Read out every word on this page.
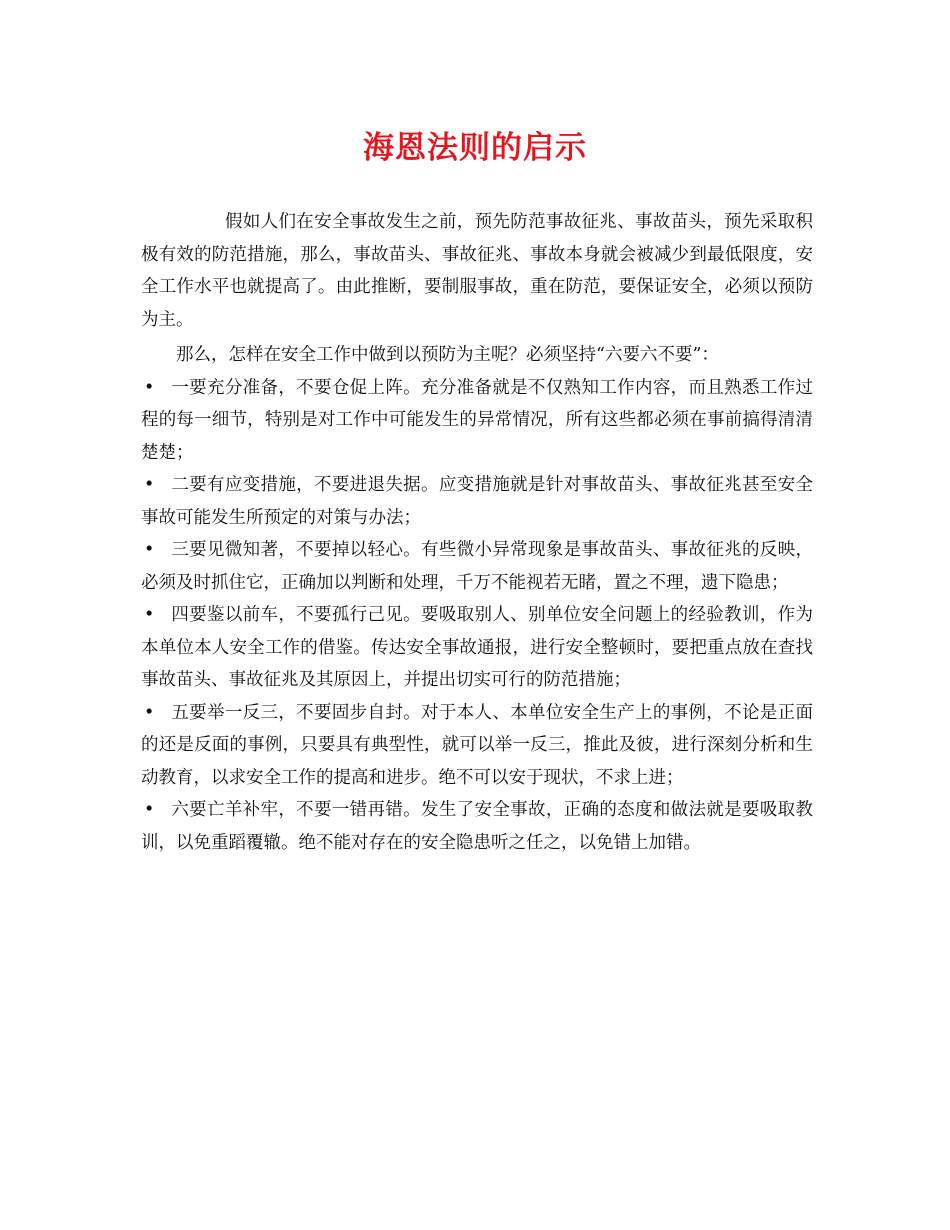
海恩法则的启示

假如人们在安全事故发生之前，预先防范事故征兆、事故苗头，预先采取积极有效的防范措施，那么，事故苗头、事故征兆、事故本身就会被减少到最低限度，安全工作水平也就提高了。由此推断，要制服事故，重在防范，要保证安全，必须以预防为主。

那么，怎样在安全工作中做到以预防为主呢？必须坚持“六要六不要”：

• 一要充分准备，不要仓促上阵。充分准备就是不仅熟知工作内容，而且熟悉工作过程的每一细节，特别是对工作中可能发生的异常情况，所有这些都必须在事前搞得清清楚楚；

• 二要有应变措施，不要进退失据。应变措施就是针对事故苗头、事故征兆甚至安全事故可能发生所预定的对策与办法；

• 三要见微知著，不要掉以轻心。有些微小异常现象是事故苗头、事故征兆的反映，必须及时抓住它，正确加以判断和处理，千万不能视若无睹，置之不理，遗下隐患；

• 四要鉴以前车，不要孤行己见。要吸取别人、别单位安全问题上的经验教训，作为本单位本人安全工作的借鉴。传达安全事故通报，进行安全整顿时，要把重点放在查找事故苗头、事故征兆及其原因上，并提出切实可行的防范措施；

• 五要举一反三，不要固步自封。对于本人、本单位安全生产上的事例，不论是正面的还是反面的事例，只要具有典型性，就可以举一反三，推此及彼，进行深刻分析和生动教育，以求安全工作的提高和进步。绝不可以安于现状，不求上进；

• 六要亡羊补牢，不要一错再错。发生了安全事故，正确的态度和做法就是要吸取教训，以免重蹈覆辙。绝不能对存在的安全隐患听之任之，以免错上加错。
